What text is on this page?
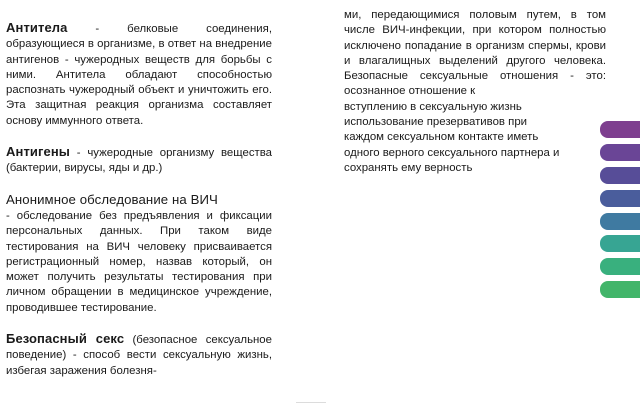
Антитела - белковые соединения, образующиеся в организме, в ответ на внедрение антигенов - чужеродных веществ для борьбы с ними. Антитела обладают способностью распознать чужеродный объект и уничтожить его. Эта защитная реакция организма составляет основу иммунного ответа.

Антигены - чужеродные организму вещества (бактерии, вирусы, яды и др.)

Анонимное обследование на ВИЧ
- обследование без предъявления и фиксации персональных данных. При таком виде тестирования на ВИЧ человеку присваивается регистрационный номер, назвав который, он может получить результаты тестирования при личном обращении в медицинское учреждение, проводившее тестирование.

Безопасный секс (безопасное сексуальное поведение) - способ вести сексуальную жизнь, избегая заражения болезня-

ми, передающимися половым путем, в том числе ВИЧ-инфекции, при котором полностью исключено попадание в организм спермы, крови и влагалищных выделений другого человека. Безопасные сексуальные отношения - это: осознанное отношение к

вступлению в сексуальную жизнь
использование презервативов при
каждом сексуальном контакте иметь
одного верного сексуального партнера и
сохранять ему верность
